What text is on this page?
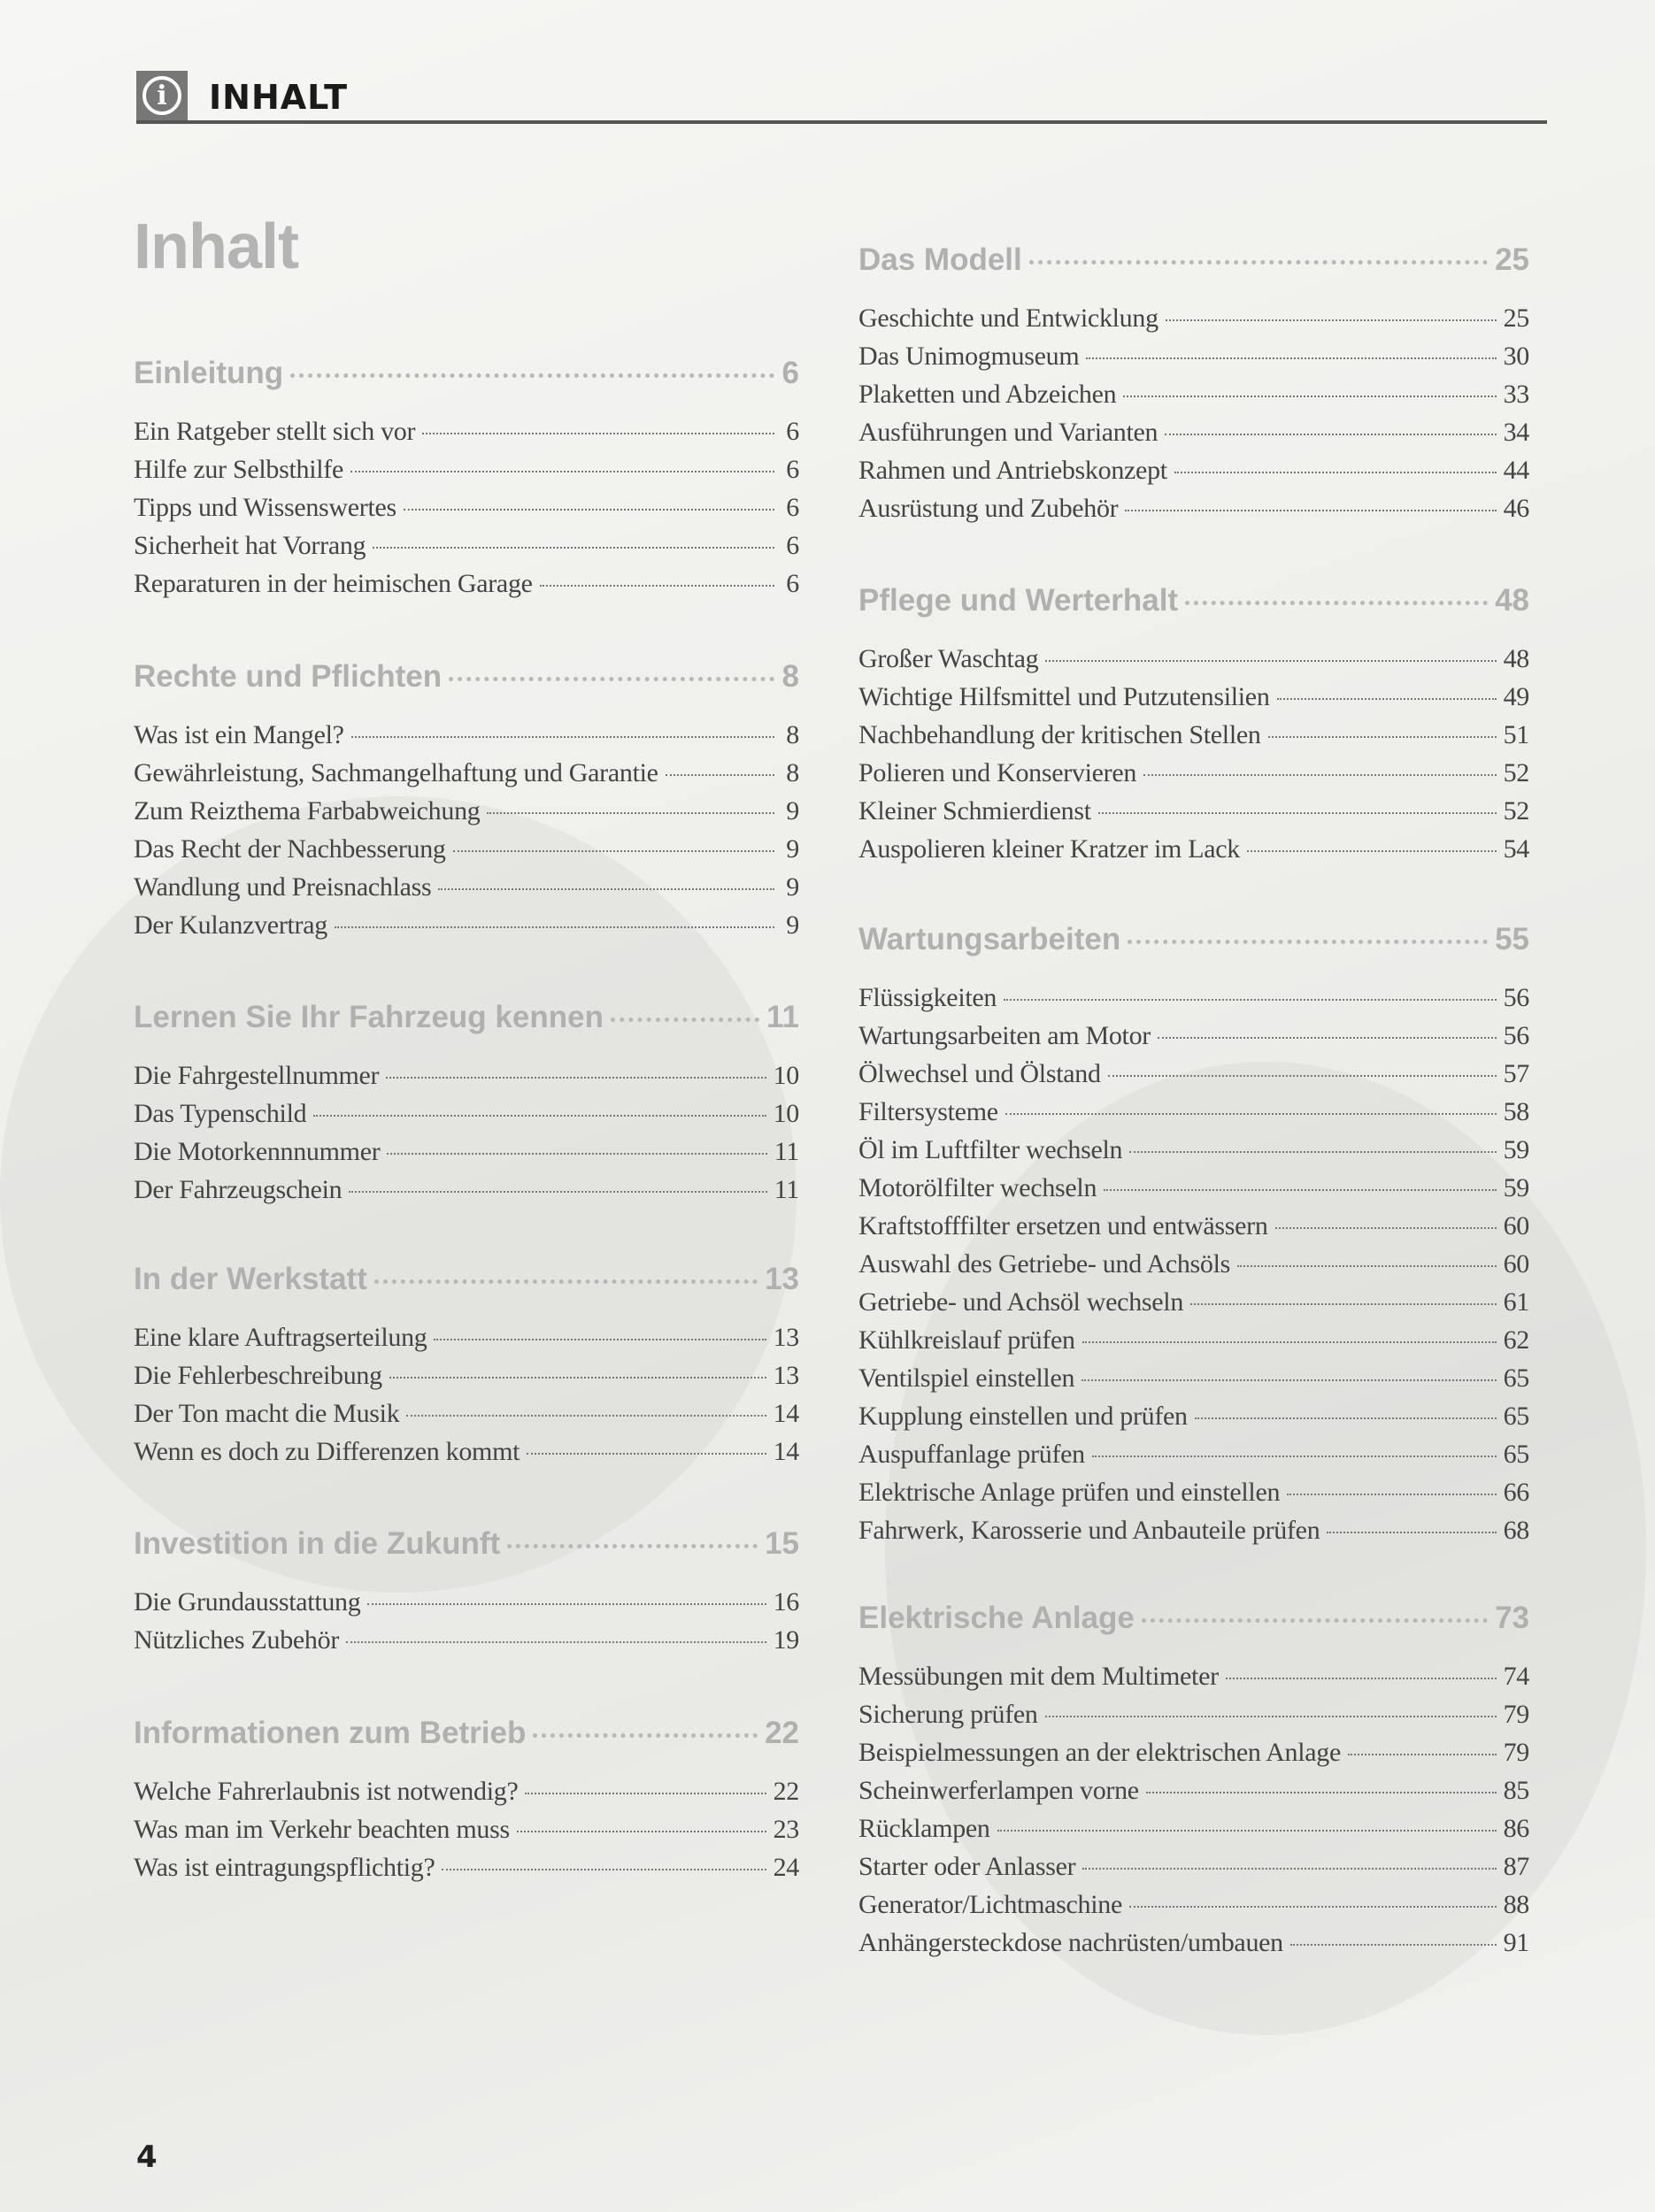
i	INHALT
Inhalt
Einleitung	6
Ein Ratgeber stellt sich vor	6
Hilfe zur Selbsthilfe	6
Tipps und Wissenswertes	6
Sicherheit hat Vorrang	6
Reparaturen in der heimischen Garage	6
Rechte und Pflichten	8
Was ist ein Mangel?	8
Gewährleistung, Sachmangelhaftung und Garantie	8
Zum Reizthema Farbabweichung	9
Das Recht der Nachbesserung	9
Wandlung und Preisnachlass	9
Der Kulanzvertrag	9
Lernen Sie Ihr Fahrzeug kennen	11
Die Fahrgestellnummer	10
Das Typenschild	10
Die Motorkennnummer	11
Der Fahrzeugschein	11
In der Werkstatt	13
Eine klare Auftragserteilung	13
Die Fehlerbeschreibung	13
Der Ton macht die Musik	14
Wenn es doch zu Differenzen kommt	14
Investition in die Zukunft	15
Die Grundausstattung	16
Nützliches Zubehör	19
Informationen zum Betrieb	22
Welche Fahrerlaubnis ist notwendig?	22
Was man im Verkehr beachten muss	23
Was ist eintragungspflichtig?	24
Das Modell	25
Geschichte und Entwicklung	25
Das Unimogmuseum	30
Plaketten und Abzeichen	33
Ausführungen und Varianten	34
Rahmen und Antriebskonzept	44
Ausrüstung und Zubehör	46
Pflege und Werterhalt	48
Großer Waschtag	48
Wichtige Hilfsmittel und Putzutensilien	49
Nachbehandlung der kritischen Stellen	51
Polieren und Konservieren	52
Kleiner Schmierdienst	52
Auspolieren kleiner Kratzer im Lack	54
Wartungsarbeiten	55
Flüssigkeiten	56
Wartungsarbeiten am Motor	56
Ölwechsel und Ölstand	57
Filtersysteme	58
Öl im Luftfilter wechseln	59
Motorölfilter wechseln	59
Kraftstofffilter ersetzen und entwässern	60
Auswahl des Getriebe- und Achsöls	60
Getriebe- und Achsöl wechseln	61
Kühlkreislauf prüfen	62
Ventilspiel einstellen	65
Kupplung einstellen und prüfen	65
Auspuffanlage prüfen	65
Elektrische Anlage prüfen und einstellen	66
Fahrwerk, Karosserie und Anbauteile prüfen	68
Elektrische Anlage	73
Messübungen mit dem Multimeter	74
Sicherung prüfen	79
Beispielmessungen an der elektrischen Anlage	79
Scheinwerferlampen vorne	85
Rücklampen	86
Starter oder Anlasser	87
Generator/Lichtmaschine	88
Anhängersteckdose nachrüsten/umbauen	91
4
